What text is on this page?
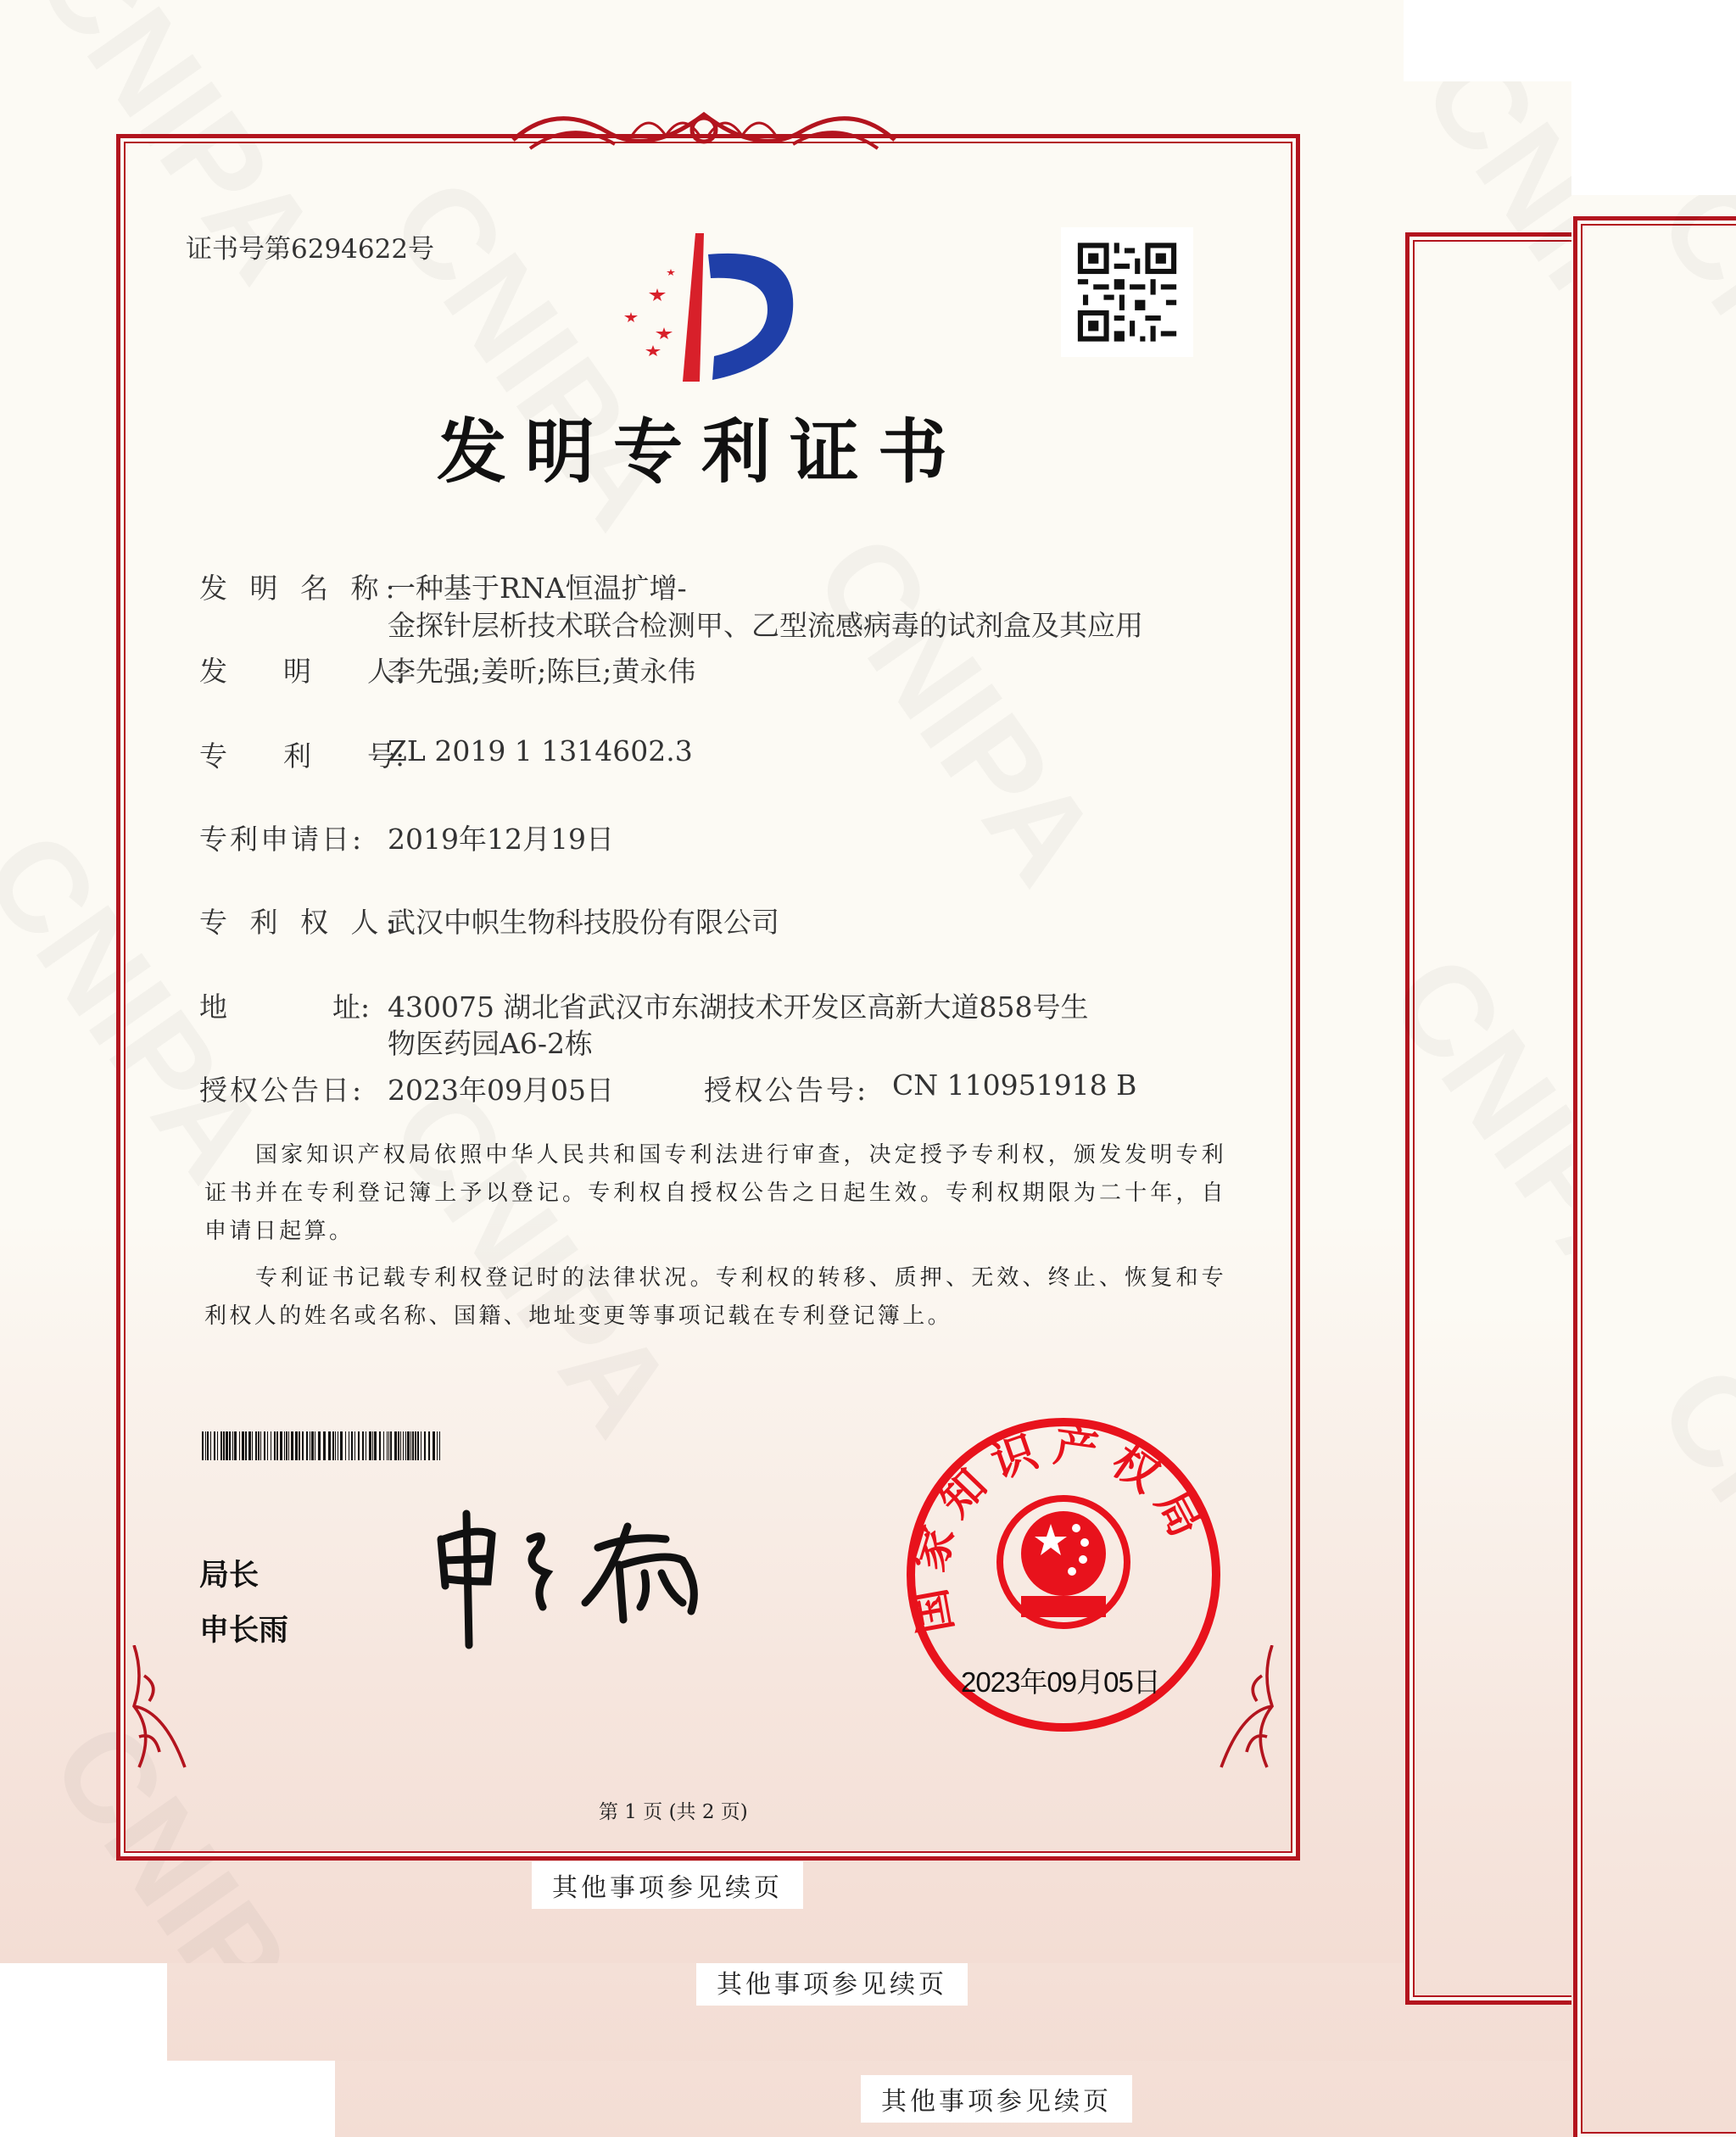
其他事项参见续页
其他事项参见续页
证书号第6294622号
发明专利证书
发 明 名 称:
一种基于RNA恒温扩增-
金探针层析技术联合检测甲、乙型流感病毒的试剂盒及其应用
发　　明　　人:
李先强;姜昕;陈巨;黄永伟
专　　利　　号:
ZL 2019 1 1314602.3
专利申请日: 2019年12月19日
专 利 权 人:
武汉中帜生物科技股份有限公司
地	址: 430075 湖北省武汉市东湖技术开发区高新大道858号生
物医药园A6-2栋
授权公告日: 2023年09月05日	授权公告号: CN 110951918 B

国家知识产权局依照中华人民共和国专利法进行审查，决定授予专利权，颁发发明专利证书并在专利登记簿上予以登记。专利权自授权公告之日起生效。专利权期限为二十年，自申请日起算。

专利证书记载专利权登记时的法律状况。专利权的转移、质押、无效、终止、恢复和专利权人的姓名或名称、国籍、地址变更等事项记载在专利登记簿上。

局长
申长雨	国家知识产权局
2023年09月05日
第 1 页 (共 2 页)
其他事项参见续页
